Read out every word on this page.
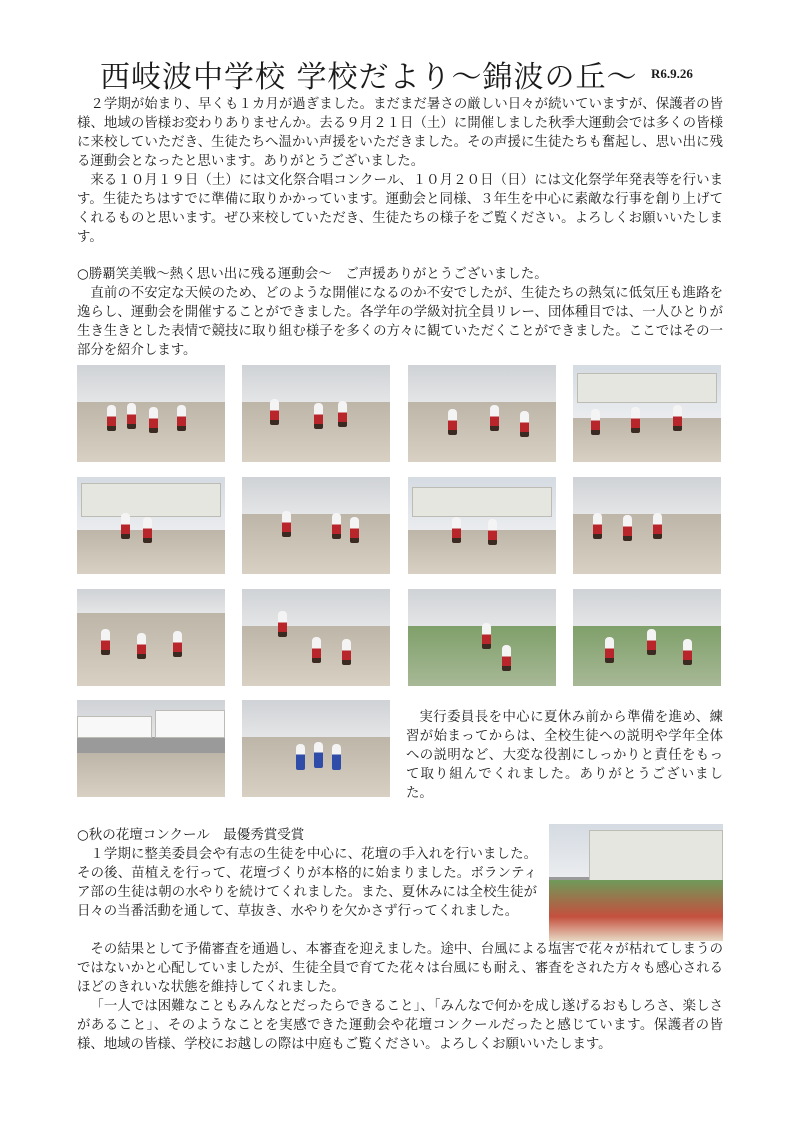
西岐波中学校 学校だより〜錦波の丘〜 R6.9.26

２学期が始まり、早くも１カ月が過ぎました。まだまだ暑さの厳しい日々が続いていますが、保護者の皆様、地域の皆様お変わりありませんか。去る９月２１日（土）に開催しました秋季大運動会では多くの皆様に来校していただき、生徒たちへ温かい声援をいただきました。その声援に生徒たちも奮起し、思い出に残る運動会となったと思います。ありがとうございました。

来る１０月１９日（土）には文化祭合唱コンクール、１０月２０日（日）には文化祭学年発表等を行います。生徒たちはすでに準備に取りかかっています。運動会と同様、３年生を中心に素敵な行事を創り上げてくれるものと思います。ぜひ来校していただき、生徒たちの様子をご覧ください。よろしくお願いいたします。

○勝覇笑美戦〜熱く思い出に残る運動会〜　ご声援ありがとうございました。

直前の不安定な天候のため、どのような開催になるのか不安でしたが、生徒たちの熱気に低気圧も進路を逸らし、運動会を開催することができました。各学年の学級対抗全員リレー、団体種目では、一人ひとりが生き生きとした表情で競技に取り組む様子を多くの方々に観ていただくことができました。ここではその一部分を紹介します。

実行委員長を中心に夏休み前から準備を進め、練習が始まってからは、全校生徒への説明や学年全体への説明など、大変な役割にしっかりと責任をもって取り組んでくれました。ありがとうございました。

○秋の花壇コンクール　最優秀賞受賞

１学期に整美委員会や有志の生徒を中心に、花壇の手入れを行いました。その後、苗植えを行って、花壇づくりが本格的に始まりました。ボランティア部の生徒は朝の水やりを続けてくれました。また、夏休みには全校生徒が日々の当番活動を通して、草抜き、水やりを欠かさず行ってくれました。

その結果として予備審査を通過し、本審査を迎えました。途中、台風による塩害で花々が枯れてしまうのではないかと心配していましたが、生徒全員で育てた花々は台風にも耐え、審査をされた方々も感心されるほどのきれいな状態を維持してくれました。

「一人では困難なこともみんなとだったらできること」、「みんなで何かを成し遂げるおもしろさ、楽しさがあること」、そのようなことを実感できた運動会や花壇コンクールだったと感じています。保護者の皆様、地域の皆様、学校にお越しの際は中庭もご覧ください。よろしくお願いいたします。
